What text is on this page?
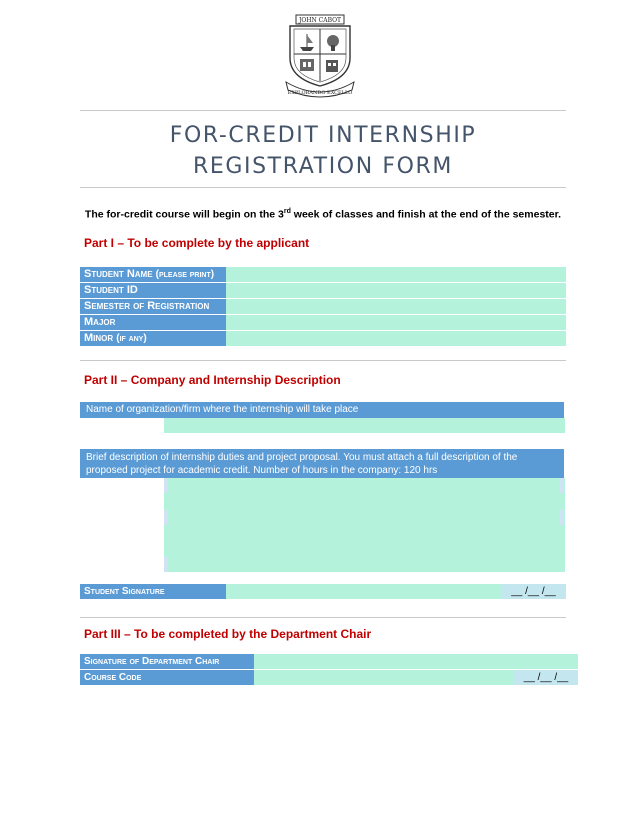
JOHN CABOT
EXPLORANDO EXCELLO
FOR-CREDIT INTERNSHIP
REGISTRATION FORM
The for-credit course will begin on the 3rd week of classes and finish at the end of the semester.
Part I – To be complete by the applicant
Student Name (please print)
Student ID
Semester of Registration
Major
Minor (if any)
Part II – Company and Internship Description
Name of organization/firm where the internship will take place
Brief description of internship duties and project proposal. You must attach a full description of the proposed project for academic credit. Number of hours in the company: 120 hrs
Student Signature	__ /__ /__
Part III – To be completed by the Department Chair
Signature of Department Chair
Course Code	__ /__ /__
